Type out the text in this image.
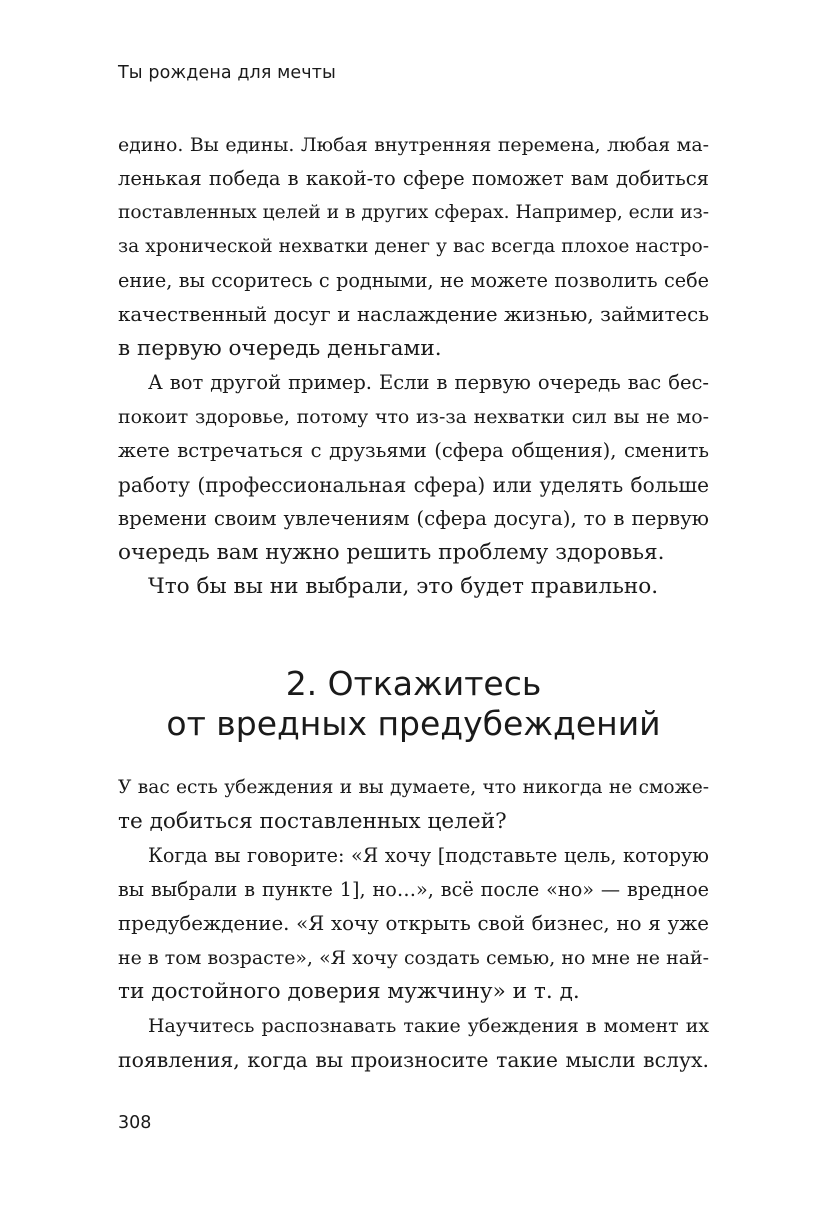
Ты рождена для мечты
едино. Вы едины. Любая внутренняя перемена, любая ма-
ленькая победа в какой-то сфере поможет вам добиться
поставленных целей и в других сферах. Например, если из-
за хронической нехватки денег у вас всегда плохое настро-
ение, вы ссоритесь с родными, не можете позволить себе
качественный досуг и наслаждение жизнью, займитесь
в первую очередь деньгами.
А вот другой пример. Если в первую очередь вас бес-
покоит здоровье, потому что из-за нехватки сил вы не мо-
жете встречаться с друзьями (сфера общения), сменить
работу (профессиональная сфера) или уделять больше
времени своим увлечениям (сфера досуга), то в первую
очередь вам нужно решить проблему здоровья.
Что бы вы ни выбрали, это будет правильно.
2. Откажитесь
от вредных предубеждений
У вас есть убеждения и вы думаете, что никогда не сможе-
те добиться поставленных целей?
Когда вы говорите: «Я хочу [подставьте цель, которую
вы выбрали в пункте 1], но…», всё после «но» — вредное
предубеждение. «Я хочу открыть свой бизнес, но я уже
не в том возрасте», «Я хочу создать семью, но мне не най-
ти достойного доверия мужчину» и т. д.
Научитесь распознавать такие убеждения в момент их
появления, когда вы произносите такие мысли вслух.
308
